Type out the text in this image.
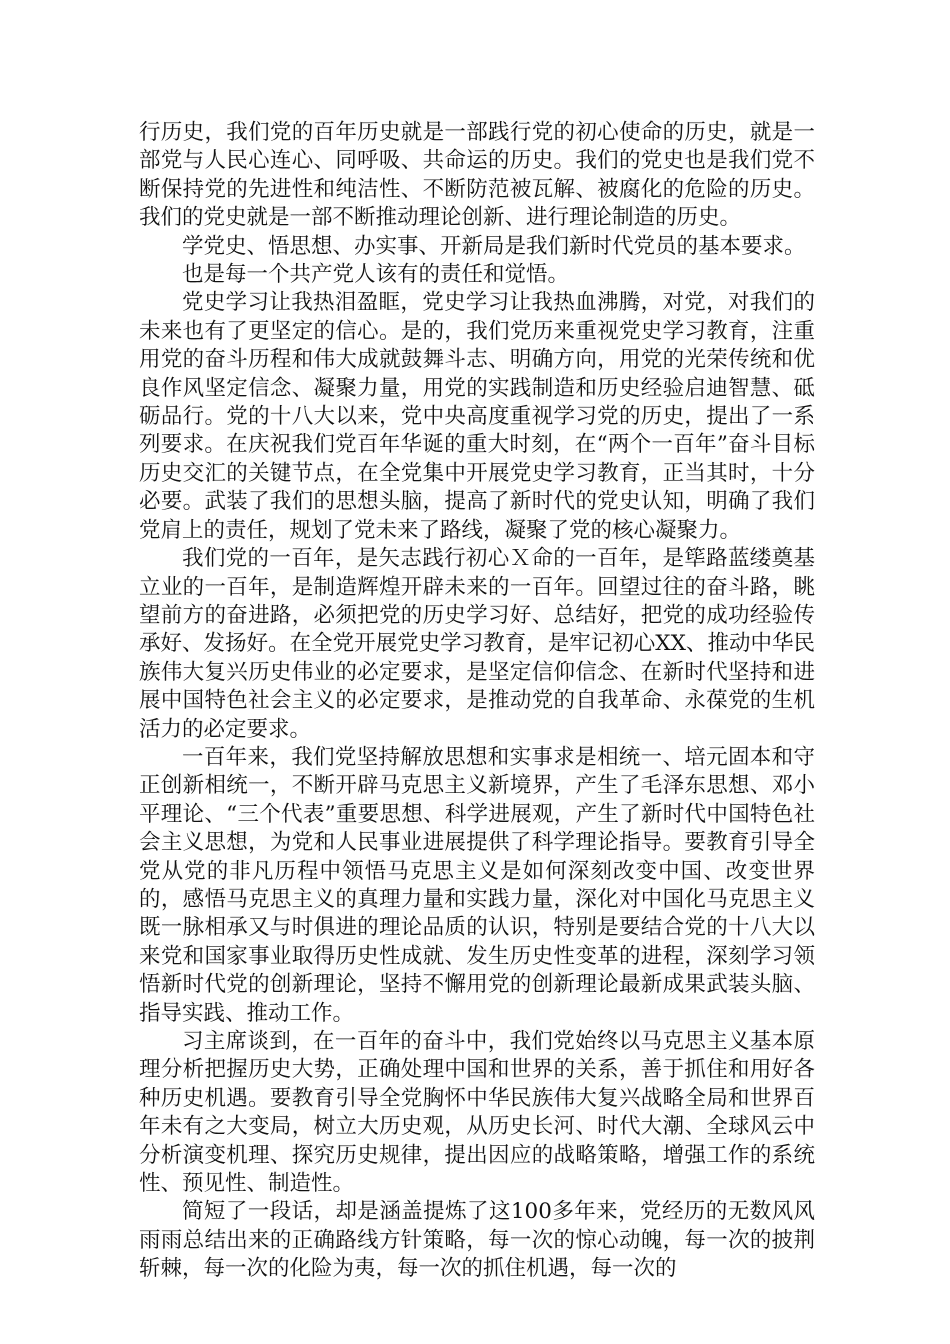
行历史，我们党的百年历史就是一部践行党的初心使命的历史，就是一部党与人民心连心、同呼吸、共命运的历史。我们的党史也是我们党不断保持党的先进性和纯洁性、不断防范被瓦解、被腐化的危险的历史。我们的党史就是一部不断推动理论创新、进行理论制造的历史。

学党史、悟思想、办实事、开新局是我们新时代党员的基本要求。

也是每一个共产党人该有的责任和觉悟。

党史学习让我热泪盈眶，党史学习让我热血沸腾，对党，对我们的未来也有了更坚定的信心。是的，我们党历来重视党史学习教育，注重用党的奋斗历程和伟大成就鼓舞斗志、明确方向，用党的光荣传统和优良作风坚定信念、凝聚力量，用党的实践制造和历史经验启迪智慧、砥砺品行。党的十八大以来，党中央高度重视学习党的历史，提出了一系列要求。在庆祝我们党百年华诞的重大时刻，在“两个一百年”奋斗目标历史交汇的关键节点，在全党集中开展党史学习教育，正当其时，十分必要。武装了我们的思想头脑，提高了新时代的党史认知，明确了我们党肩上的责任，规划了党未来了路线，凝聚了党的核心凝聚力。

我们党的一百年，是矢志践行初心Ｘ命的一百年，是筚路蓝缕奠基立业的一百年，是制造辉煌开辟未来的一百年。回望过往的奋斗路，眺望前方的奋进路，必须把党的历史学习好、总结好，把党的成功经验传承好、发扬好。在全党开展党史学习教育，是牢记初心XX、推动中华民族伟大复兴历史伟业的必定要求，是坚定信仰信念、在新时代坚持和进展中国特色社会主义的必定要求，是推动党的自我革命、永葆党的生机活力的必定要求。

一百年来，我们党坚持解放思想和实事求是相统一、培元固本和守正创新相统一，不断开辟马克思主义新境界，产生了毛泽东思想、邓小平理论、“三个代表”重要思想、科学进展观，产生了新时代中国特色社会主义思想，为党和人民事业进展提供了科学理论指导。要教育引导全党从党的非凡历程中领悟马克思主义是如何深刻改变中国、改变世界的，感悟马克思主义的真理力量和实践力量，深化对中国化马克思主义既一脉相承又与时俱进的理论品质的认识，特别是要结合党的十八大以来党和国家事业取得历史性成就、发生历史性变革的进程，深刻学习领悟新时代党的创新理论，坚持不懈用党的创新理论最新成果武装头脑、指导实践、推动工作。

习主席谈到，在一百年的奋斗中，我们党始终以马克思主义基本原理分析把握历史大势，正确处理中国和世界的关系，善于抓住和用好各种历史机遇。要教育引导全党胸怀中华民族伟大复兴战略全局和世界百年未有之大变局，树立大历史观，从历史长河、时代大潮、全球风云中分析演变机理、探究历史规律，提出因应的战略策略，增强工作的系统性、预见性、制造性。

简短了一段话，却是涵盖提炼了这100多年来，党经历的无数风风雨雨总结出来的正确路线方针策略，每一次的惊心动魄，每一次的披荆斩棘，每一次的化险为夷，每一次的抓住机遇，每一次的
